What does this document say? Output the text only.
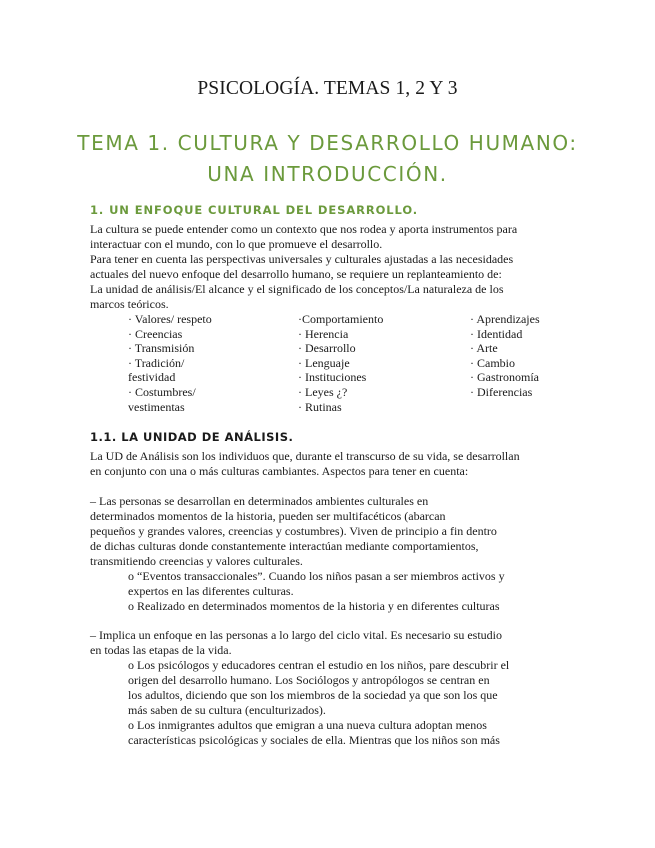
PSICOLOGÍA. TEMAS 1, 2 Y 3
TEMA 1. CULTURA Y DESARROLLO HUMANO:
UNA INTRODUCCIÓN.
1. UN ENFOQUE CULTURAL DEL DESARROLLO.
La cultura se puede entender como un contexto que nos rodea y aporta instrumentos para
interactuar con el mundo, con lo que promueve el desarrollo.
Para tener en cuenta las perspectivas universales y culturales ajustadas a las necesidades
actuales del nuevo enfoque del desarrollo humano, se requiere un replanteamiento de:
La unidad de análisis/El alcance y el significado de los conceptos/La naturaleza de los
marcos teóricos.
· Valores/ respeto
· Creencias
· Transmisión
· Tradición/
festividad
· Costumbres/
vestimentas
·Comportamiento
· Herencia
· Desarrollo
· Lenguaje
· Instituciones
· Leyes ¿?
· Rutinas
· Aprendizajes
· Identidad
· Arte
· Cambio
· Gastronomía
· Diferencias
1.1. LA UNIDAD DE ANÁLISIS.
La UD de Análisis son los individuos que, durante el transcurso de su vida, se desarrollan
en conjunto con una o más culturas cambiantes. Aspectos para tener en cuenta:
– Las personas se desarrollan en determinados ambientes culturales en
determinados momentos de la historia, pueden ser multifacéticos (abarcan
pequeños y grandes valores, creencias y costumbres). Viven de principio a fin dentro
de dichas culturas donde constantemente interactúan mediante comportamientos,
transmitiendo creencias y valores culturales.
o “Eventos transaccionales”. Cuando los niños pasan a ser miembros activos y
expertos en las diferentes culturas.
o Realizado en determinados momentos de la historia y en diferentes culturas
– Implica un enfoque en las personas a lo largo del ciclo vital. Es necesario su estudio
en todas las etapas de la vida.
o Los psicólogos y educadores centran el estudio en los niños, pare descubrir el
origen del desarrollo humano. Los Sociólogos y antropólogos se centran en
los adultos, diciendo que son los miembros de la sociedad ya que son los que
más saben de su cultura (enculturizados).
o Los inmigrantes adultos que emigran a una nueva cultura adoptan menos
características psicológicas y sociales de ella. Mientras que los niños son más
